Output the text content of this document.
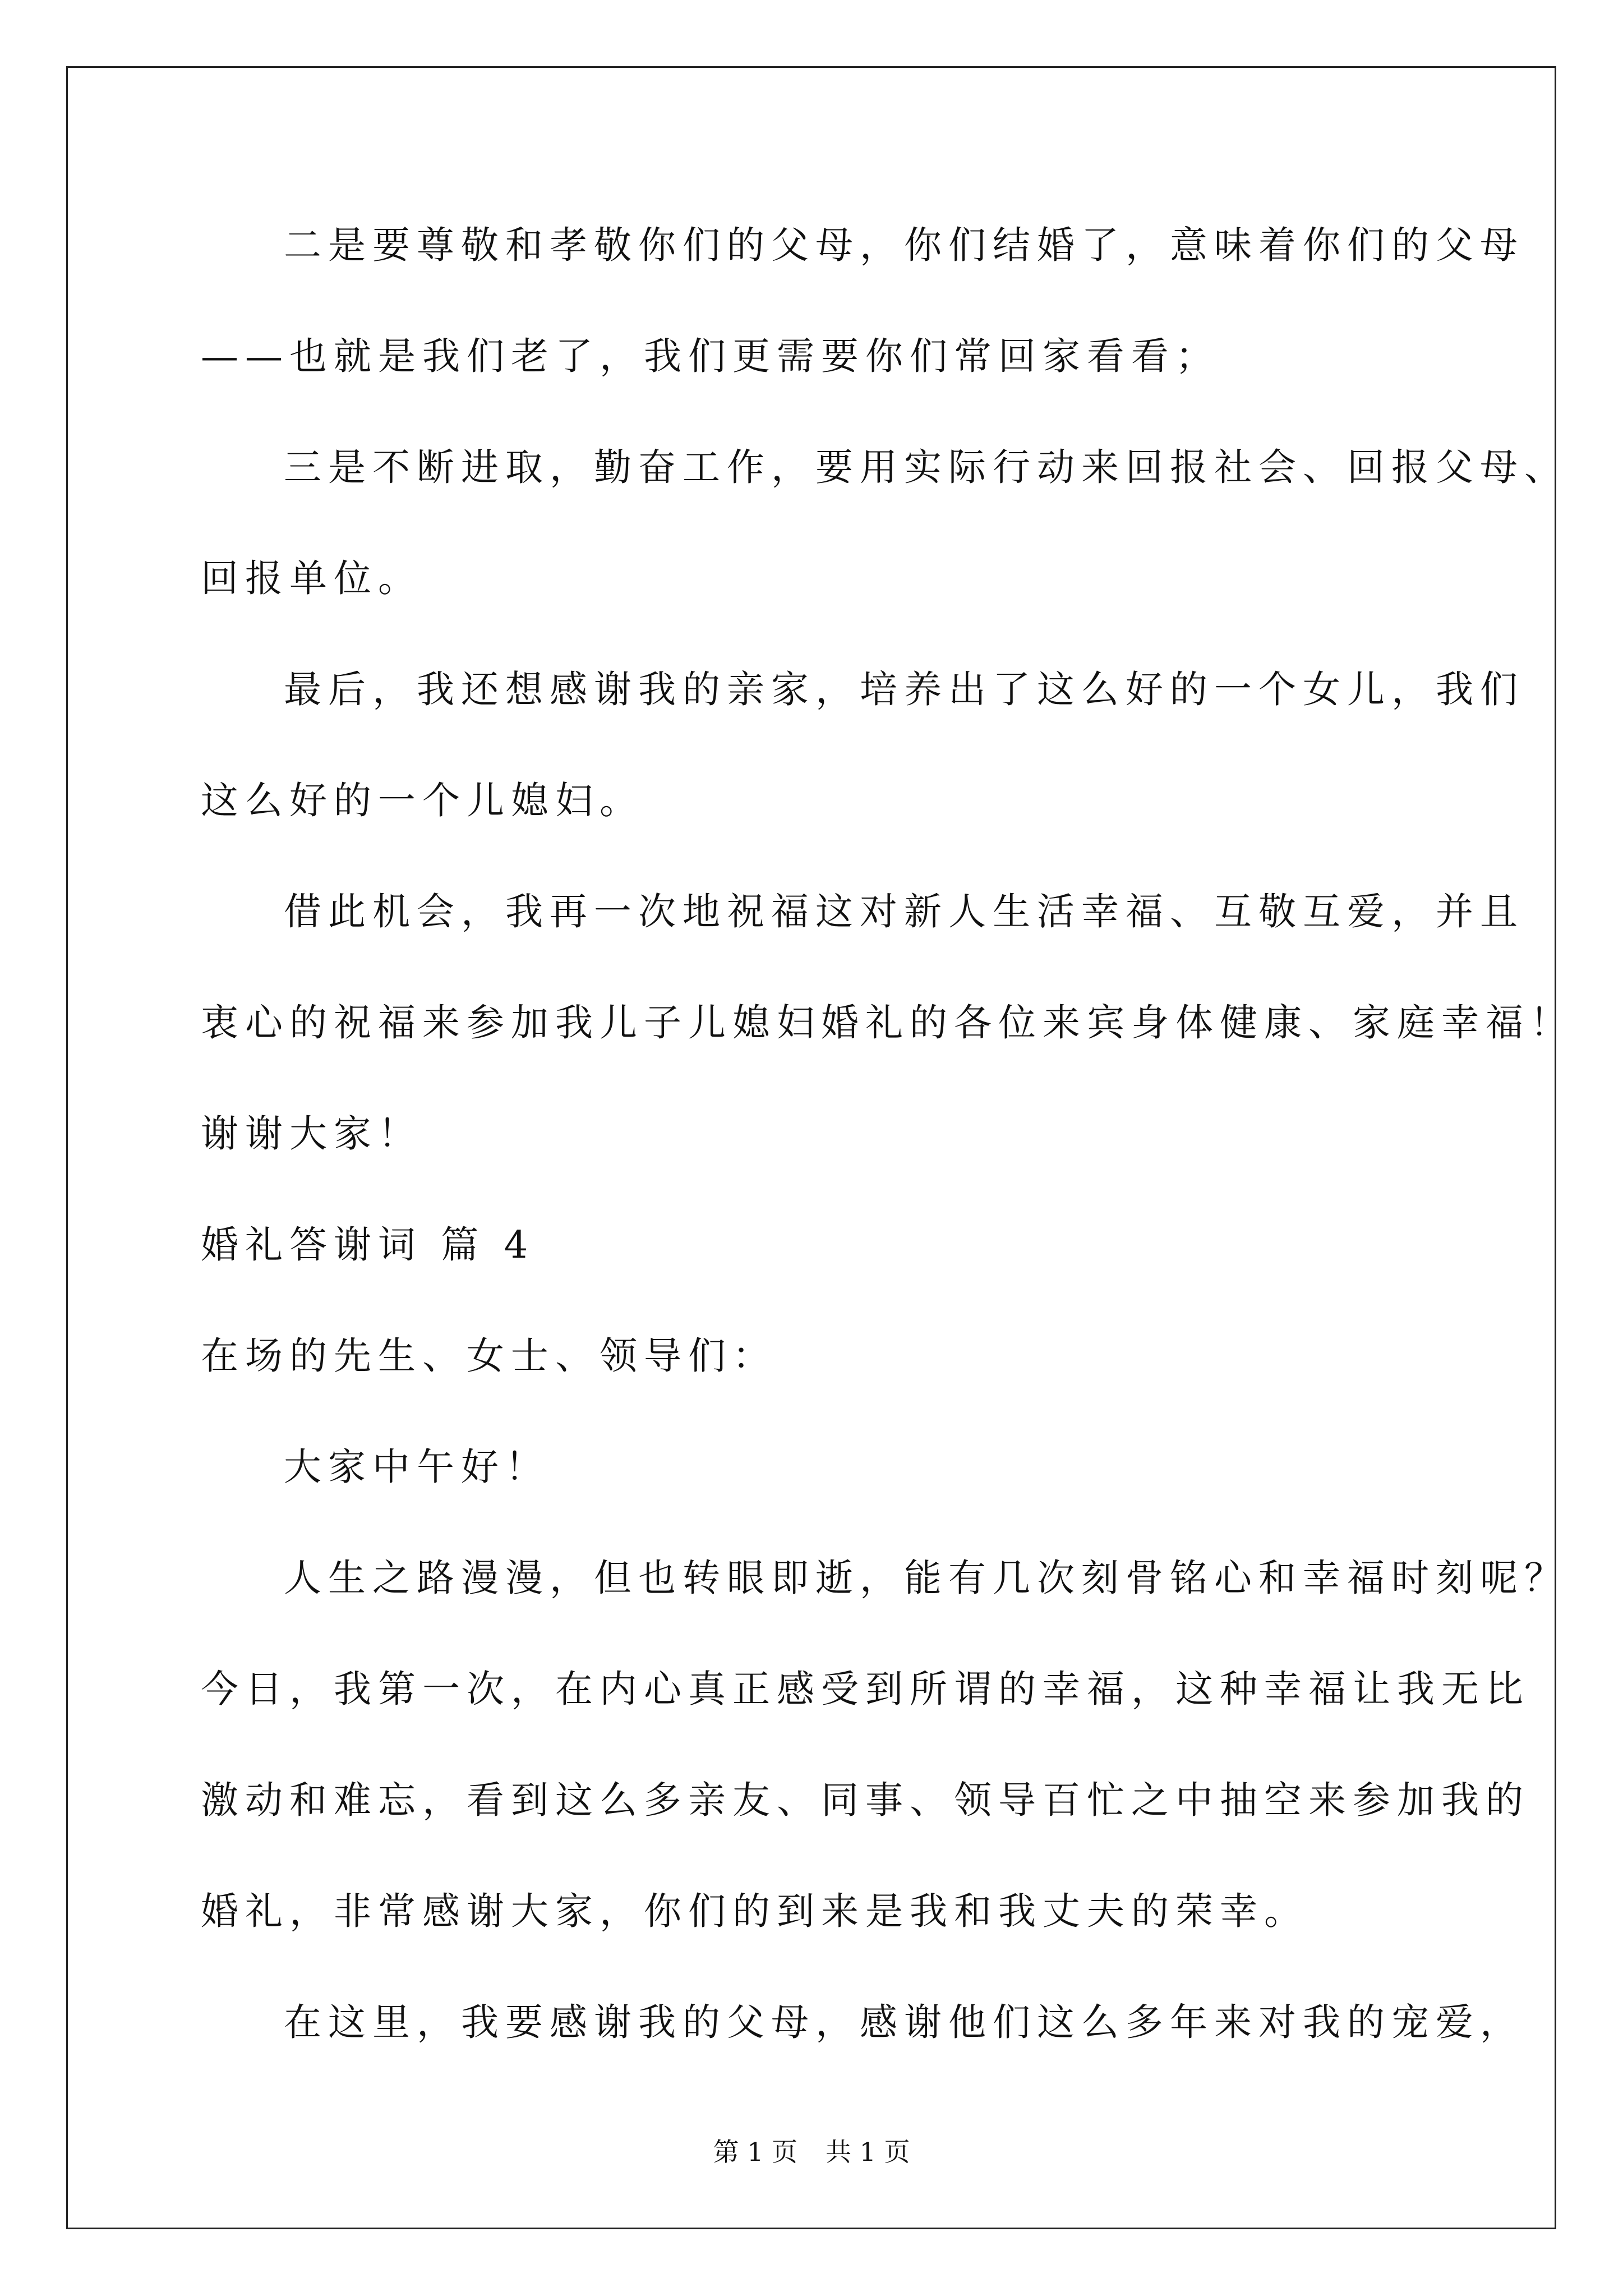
二是要尊敬和孝敬你们的父母，你们结婚了，意味着你们的父母
——也就是我们老了，我们更需要你们常回家看看；
三是不断进取，勤奋工作，要用实际行动来回报社会、回报父母、
回报单位。
最后，我还想感谢我的亲家，培养出了这么好的一个女儿，我们
这么好的一个儿媳妇。
借此机会，我再一次地祝福这对新人生活幸福、互敬互爱，并且
衷心的祝福来参加我儿子儿媳妇婚礼的各位来宾身体健康、家庭幸福！
谢谢大家！
婚礼答谢词 篇 4
在场的先生、女士、领导们：
大家中午好！
人生之路漫漫，但也转眼即逝，能有几次刻骨铭心和幸福时刻呢？
今日，我第一次，在内心真正感受到所谓的幸福，这种幸福让我无比
激动和难忘，看到这么多亲友、同事、领导百忙之中抽空来参加我的
婚礼，非常感谢大家，你们的到来是我和我丈夫的荣幸。
在这里，我要感谢我的父母，感谢他们这么多年来对我的宠爱，
第 1 页 共 1 页
